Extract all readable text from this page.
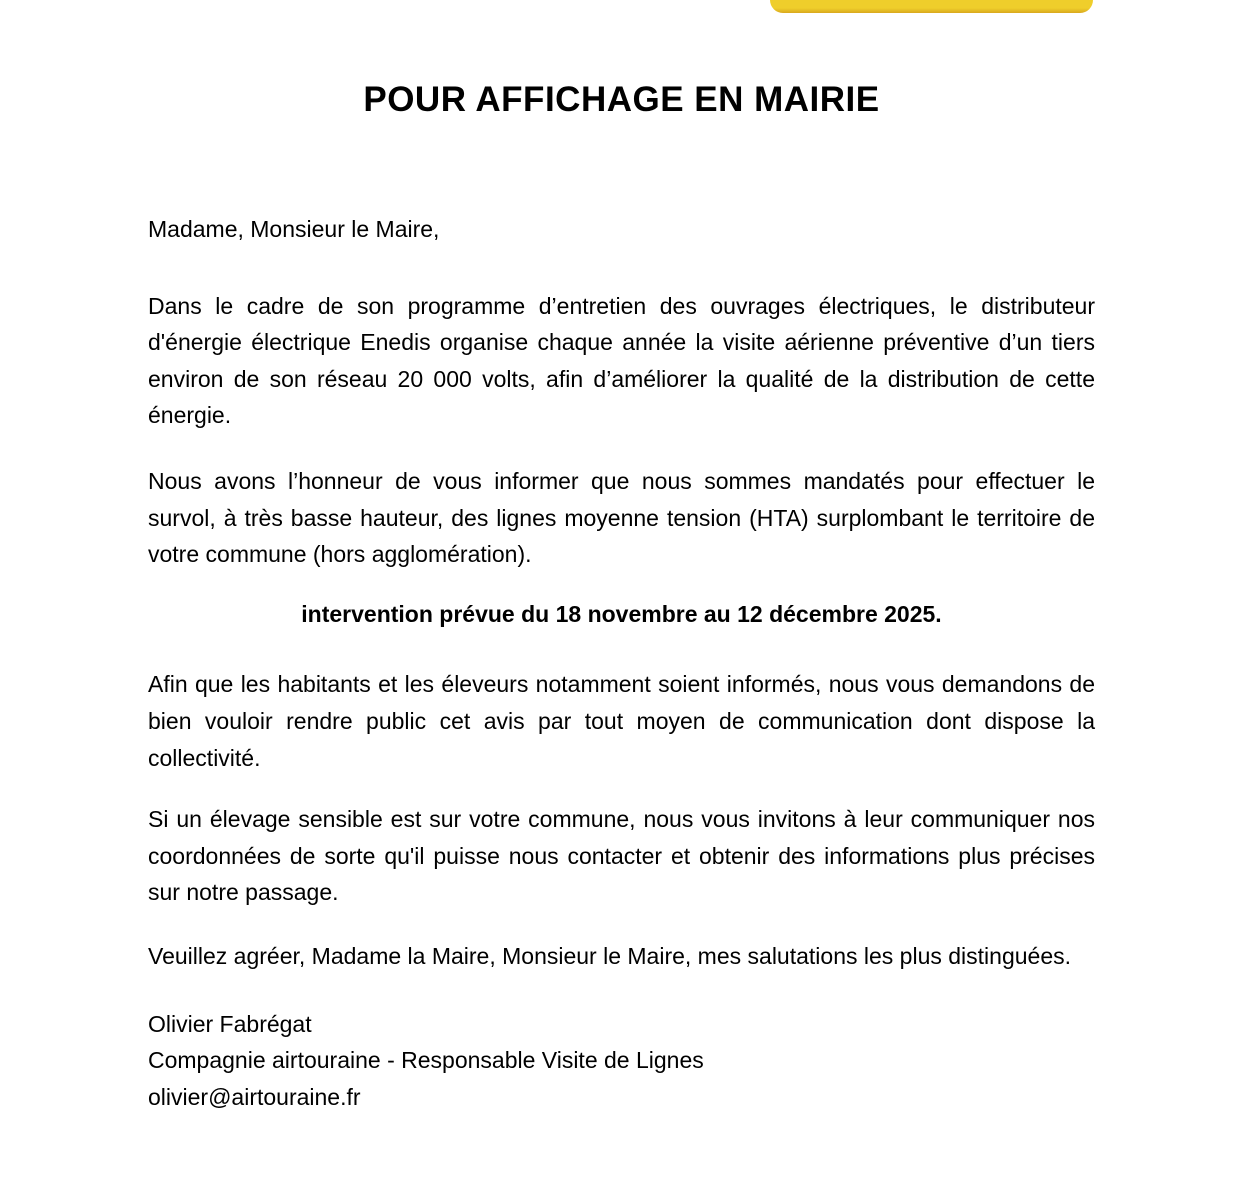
POUR AFFICHAGE EN MAIRIE

Madame, Monsieur le Maire,

Dans le cadre de son programme d’entretien des ouvrages électriques, le distributeur d'énergie électrique Enedis organise chaque année la visite aérienne préventive d’un tiers environ de son réseau 20 000 volts, afin d’améliorer la qualité de la distribution de cette énergie.

Nous avons l’honneur de vous informer que nous sommes mandatés pour effectuer le survol, à très basse hauteur, des lignes moyenne tension (HTA) surplombant le territoire de votre commune (hors agglomération).

intervention prévue du 18 novembre au 12 décembre 2025.

Afin que les habitants et les éleveurs notamment soient informés, nous vous demandons de bien vouloir rendre public cet avis par tout moyen de communication dont dispose la collectivité.

Si un élevage sensible est sur votre commune, nous vous invitons à leur communiquer nos coordonnées de sorte qu'il puisse nous contacter et obtenir des informations plus précises sur notre passage.

Veuillez agréer, Madame la Maire, Monsieur le Maire, mes salutations les plus distinguées.

Olivier Fabrégat

Compagnie airtouraine - Responsable Visite de Lignes

olivier@airtouraine.fr
